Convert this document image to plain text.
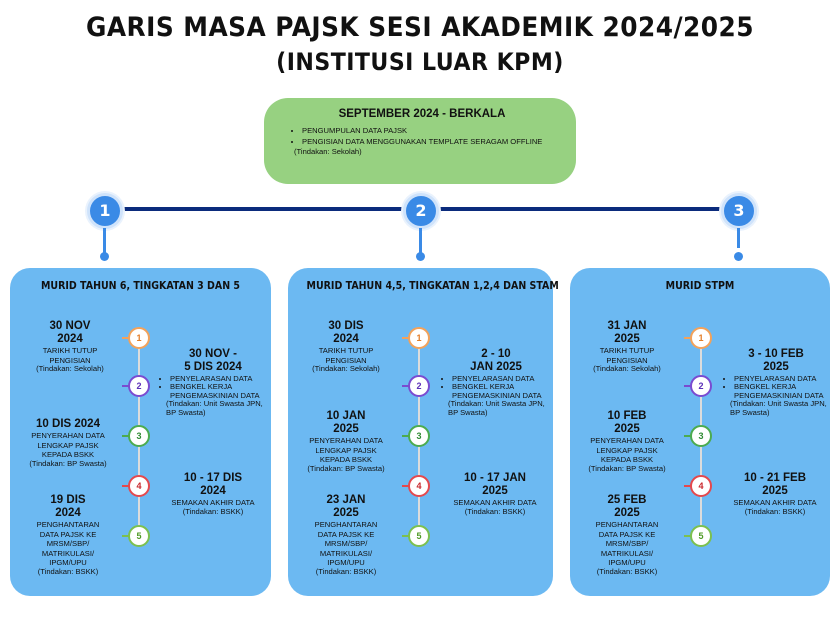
GARIS MASA PAJSK SESI AKADEMIK 2024/2025
(INSTITUSI LUAR KPM)
SEPTEMBER 2024 - BERKALA
• PENGUMPULAN DATA PAJSK
• PENGISIAN DATA MENGGUNAKAN TEMPLATE SERAGAM OFFLINE
(Tindakan: Sekolah)
1	2	3
MURID TAHUN 6, TINGKATAN 3 DAN 5
1
2
3
4
5
30 NOV
2024
TARIKH TUTUP
PENGISIAN
(Tindakan: Sekolah)
30 NOV -
5 DIS 2024
• PENYELARASAN DATA
• BENGKEL KERJA PENGEMASKINIAN DATA
(Tindakan: Unit Swasta JPN, BP Swasta)
10 DIS 2024
PENYERAHAN DATA
LENGKAP PAJSK
KEPADA BSKK
(Tindakan: BP Swasta)
10 - 17 DIS
2024
SEMAKAN AKHIR DATA
(Tindakan: BSKK)
19 DIS
2024
PENGHANTARAN
DATA PAJSK KE
MRSM/SBP/
MATRIKULASI/
IPGM/UPU
(Tindakan: BSKK)
MURID TAHUN 4,5, TINGKATAN 1,2,4 DAN STAM
1
2
3
4
5
30 DIS
2024
TARIKH TUTUP
PENGISIAN
(Tindakan: Sekolah)
2 - 10
JAN 2025
• PENYELARASAN DATA
• BENGKEL KERJA PENGEMASKINIAN DATA
(Tindakan: Unit Swasta JPN, BP Swasta)
10 JAN
2025
PENYERAHAN DATA
LENGKAP PAJSK
KEPADA BSKK
(Tindakan: BP Swasta)
10 - 17 JAN
2025
SEMAKAN AKHIR DATA
(Tindakan: BSKK)
23 JAN
2025
PENGHANTARAN
DATA PAJSK KE
MRSM/SBP/
MATRIKULASI/
IPGM/UPU
(Tindakan: BSKK)
MURID STPM
1
2
3
4
5
31 JAN
2025
TARIKH TUTUP
PENGISIAN
(Tindakan: Sekolah)
3 - 10 FEB
2025
• PENYELARASAN DATA
• BENGKEL KERJA PENGEMASKINIAN DATA
(Tindakan: Unit Swasta JPN, BP Swasta)
10 FEB
2025
PENYERAHAN DATA
LENGKAP PAJSK
KEPADA BSKK
(Tindakan: BP Swasta)
10 - 21 FEB
2025
SEMAKAN AKHIR DATA
(Tindakan: BSKK)
25 FEB
2025
PENGHANTARAN
DATA PAJSK KE
MRSM/SBP/
MATRIKULASI/
IPGM/UPU
(Tindakan: BSKK)
